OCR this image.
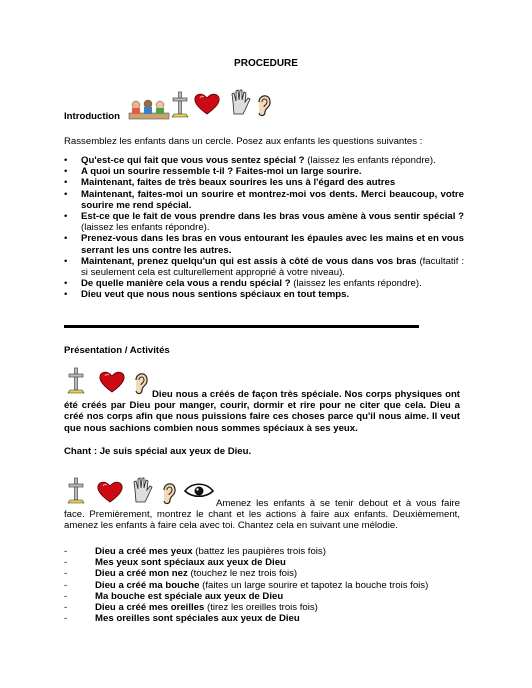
PROCEDURE
Introduction
Rassemblez les enfants dans un cercle. Posez aux enfants les questions suivantes :
• Qu'est-ce qui fait que vous vous sentez spécial ? (laissez les enfants répondre).
• A quoi un sourire ressemble t-il ? Faites-moi un large sourire.
• Maintenant, faites de très beaux sourires les uns à l'égard des autres
• Maintenant, faites-moi un sourire et montrez-moi vos dents. Merci beaucoup, votre sourire me rend spécial.
• Est-ce que le fait de vous prendre dans les bras vous amène à vous sentir spécial ? (laissez les enfants répondre).
• Prenez-vous dans les bras en vous entourant les épaules avec les mains et en vous serrant les uns contre les autres.
• Maintenant, prenez quelqu'un qui est assis à côté de vous dans vos bras (facultatif : si seulement cela est culturellement approprié à votre niveau).
• De quelle manière cela vous a rendu spécial ? (laissez les enfants répondre).
• Dieu veut que nous nous sentions spéciaux en tout temps.
Présentation / Activités
Dieu nous a créés de façon très spéciale. Nos corps physiques ont été créés par Dieu pour manger, courir, dormir et rire pour ne citer que cela. Dieu a créé nos corps afin que nous puissions faire ces choses parce qu'il nous aime. Il veut que nous sachions combien nous sommes spéciaux à ses yeux.
Chant : Je suis spécial aux yeux de Dieu.
Amenez les enfants à se tenir debout et à vous faire face. Premièrement, montrez le chant et les actions à faire aux enfants. Deuxièmement, amenez les enfants à faire cela avec toi. Chantez cela en suivant une mélodie.
- Dieu a créé mes yeux (battez les paupières trois fois)
- Mes yeux sont spéciaux aux yeux de Dieu
- Dieu a créé mon nez (touchez le nez trois fois)
- Dieu a créé ma bouche (faites un large sourire et tapotez la bouche trois fois)
- Ma bouche est spéciale aux yeux de Dieu
- Dieu a créé mes oreilles (tirez les oreilles trois fois)
- Mes oreilles sont spéciales aux yeux de Dieu
